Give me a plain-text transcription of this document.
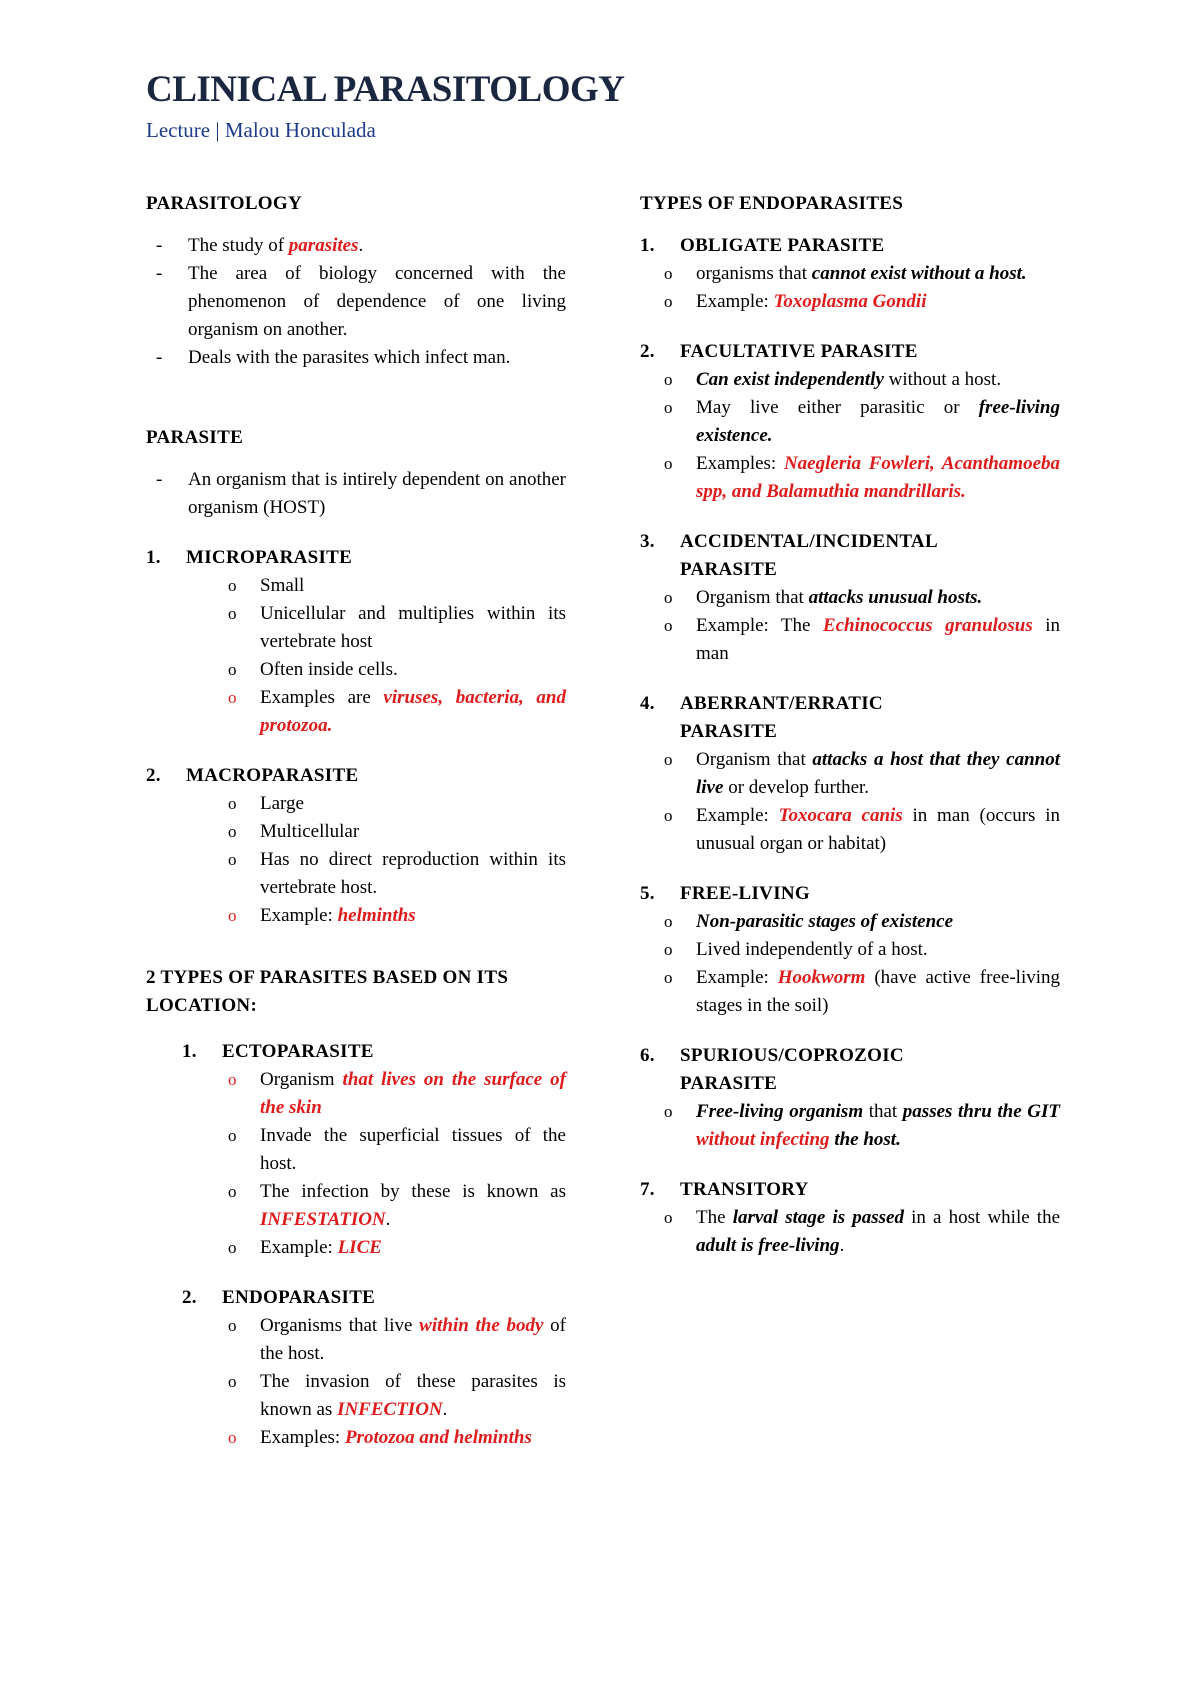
CLINICAL PARASITOLOGY
Lecture | Malou Honculada
PARASITOLOGY
- The study of parasites.
- The area of biology concerned with the phenomenon of dependence of one living organism on another.
- Deals with the parasites which infect man.
PARASITE
- An organism that is intirely dependent on another organism (HOST)
1.	MICROPARASITE
o Small
o Unicellular and multiplies within its vertebrate host
o Often inside cells.
o Examples are viruses, bacteria, and protozoa.
2.	MACROPARASITE
o Large
o Multicellular
o Has no direct reproduction within its vertebrate host.
o Example: helminths
2 TYPES OF PARASITES BASED ON ITS LOCATION:
1.	ECTOPARASITE
o Organism that lives on the surface of the skin
o Invade the superficial tissues of the host.
o The infection by these is known as INFESTATION.
o Example: LICE
2.	ENDOPARASITE
o Organisms that live within the body of the host.
o The invasion of these parasites is known as INFECTION.
o Examples: Protozoa and helminths
TYPES OF ENDOPARASITES
1.	OBLIGATE PARASITE
o organisms that cannot exist without a host.
o Example: Toxoplasma Gondii
2.	FACULTATIVE PARASITE
o Can exist independently without a host.
o May live either parasitic or free-living existence.
o Examples: Naegleria Fowleri, Acanthamoeba spp, and Balamuthia mandrillaris.
3.	ACCIDENTAL/INCIDENTAL PARASITE
o Organism that attacks unusual hosts.
o Example: The Echinococcus granulosus in man
4.	ABERRANT/ERRATIC PARASITE
o Organism that attacks a host that they cannot live or develop further.
o Example: Toxocara canis in man (occurs in unusual organ or habitat)
5.	FREE-LIVING
o Non-parasitic stages of existence
o Lived independently of a host.
o Example: Hookworm (have active free-living stages in the soil)
6.	SPURIOUS/COPROZOIC PARASITE
o Free-living organism that passes thru the GIT without infecting the host.
7.	TRANSITORY
o The larval stage is passed in a host while the adult is free-living.
